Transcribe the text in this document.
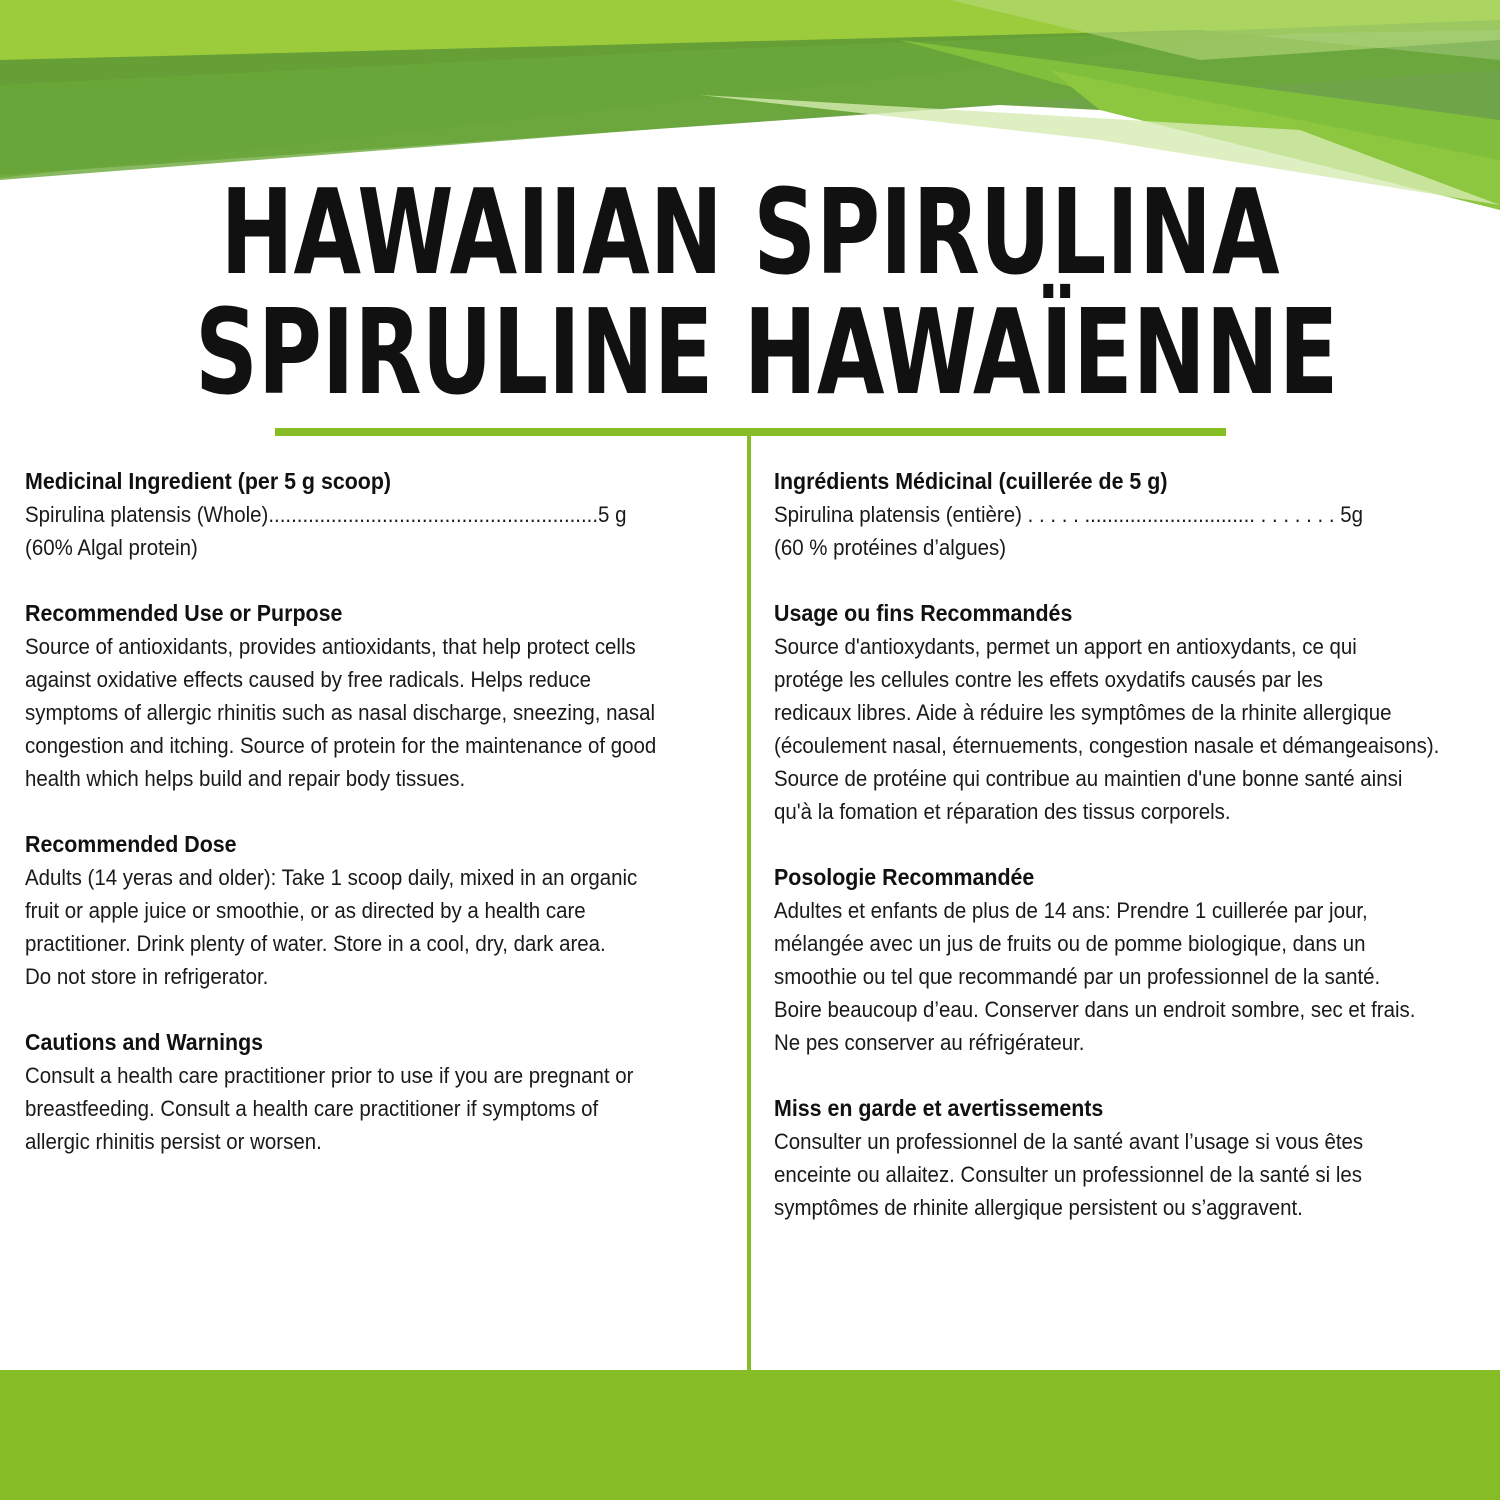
HAWAIIAN SPIRULINA
SPIRULINE HAWAÏENNE
Medicinal Ingredient (per 5 g scoop)

Spirulina platensis (Whole)..........................................................5 g
(60% Algal protein)

Recommended Use or Purpose

Source of antioxidants, provides antioxidants, that help protect cells
against oxidative effects caused by free radicals. Helps reduce
symptoms of allergic rhinitis such as nasal discharge, sneezing, nasal
congestion and itching. Source of protein for the maintenance of good
health which helps build and repair body tissues.

Recommended Dose

Adults (14 yeras and older): Take 1 scoop daily, mixed in an organic
fruit or apple juice or smoothie, or as directed by a health care
practitioner. Drink plenty of water. Store in a cool, dry, dark area.
Do not store in refrigerator.

Cautions and Warnings

Consult a health care practitioner prior to use if you are pregnant or
breastfeeding. Consult a health care practitioner if symptoms of
allergic rhinitis persist or worsen.

Ingrédients Médicinal (cuillerée de 5 g)

Spirulina platensis (entière) . . . . . .............................. . . . . . . . 5g
(60 % protéines d’algues)

Usage ou fins Recommandés

Source d'antioxydants, permet un apport en antioxydants, ce qui
protége les cellules contre les effets oxydatifs causés par les
redicaux libres. Aide à réduire les symptômes de la rhinite allergique
(écoulement nasal, éternuements, congestion nasale et démangeaisons).
Source de protéine qui contribue au maintien d'une bonne santé ainsi
qu'à la fomation et réparation des tissus corporels.

Posologie Recommandée

Adultes et enfants de plus de 14 ans: Prendre 1 cuillerée par jour,
mélangée avec un jus de fruits ou de pomme biologique, dans un
smoothie ou tel que recommandé par un professionnel de la santé.
Boire beaucoup d’eau. Conserver dans un endroit sombre, sec et frais.
Ne pes conserver au réfrigérateur.

Miss en garde et avertissements

Consulter un professionnel de la santé avant l’usage si vous êtes
enceinte ou allaitez. Consulter un professionnel de la santé si les
symptômes de rhinite allergique persistent ou s’aggravent.
